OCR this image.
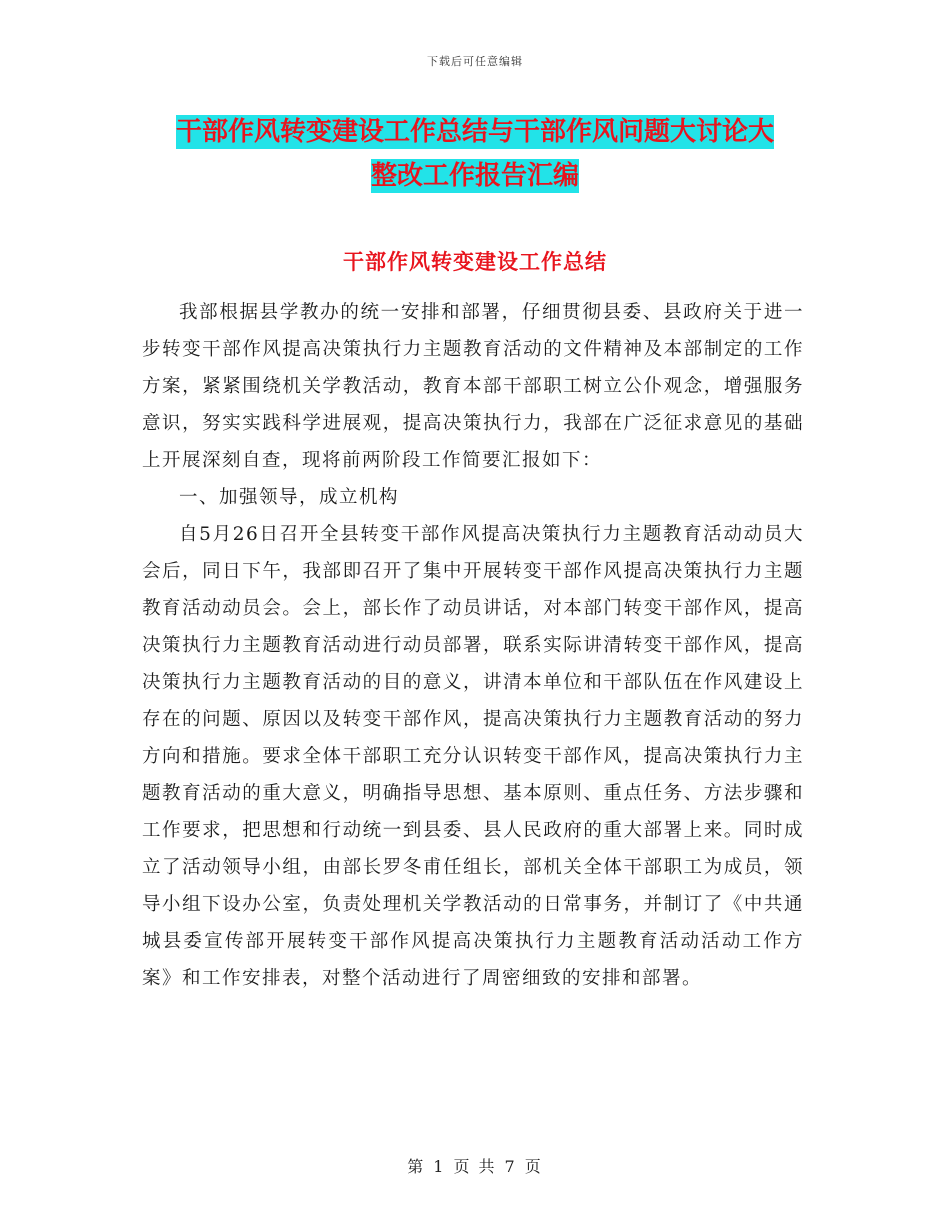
下载后可任意编辑
干部作风转变建设工作总结与干部作风问题大讨论大
整改工作报告汇编
干部作风转变建设工作总结

我部根据县学教办的统一安排和部署，仔细贯彻县委、县政府关于进一步转变干部作风提高决策执行力主题教育活动的文件精神及本部制定的工作方案，紧紧围绕机关学教活动，教育本部干部职工树立公仆观念，增强服务意识，努实实践科学进展观，提高决策执行力，我部在广泛征求意见的基础上开展深刻自查，现将前两阶段工作简要汇报如下：

一、加强领导，成立机构

自5月26日召开全县转变干部作风提高决策执行力主题教育活动动员大会后，同日下午，我部即召开了集中开展转变干部作风提高决策执行力主题教育活动动员会。会上，部长作了动员讲话，对本部门转变干部作风，提高决策执行力主题教育活动进行动员部署，联系实际讲清转变干部作风，提高决策执行力主题教育活动的目的意义，讲清本单位和干部队伍在作风建设上存在的问题、原因以及转变干部作风，提高决策执行力主题教育活动的努力方向和措施。要求全体干部职工充分认识转变干部作风，提高决策执行力主题教育活动的重大意义，明确指导思想、基本原则、重点任务、方法步骤和工作要求，把思想和行动统一到县委、县人民政府的重大部署上来。同时成立了活动领导小组，由部长罗冬甫任组长，部机关全体干部职工为成员，领导小组下设办公室，负责处理机关学教活动的日常事务，并制订了《中共通城县委宣传部开展转变干部作风提高决策执行力主题教育活动活动工作方案》和工作安排表，对整个活动进行了周密细致的安排和部署。

第 1 页 共 7 页
